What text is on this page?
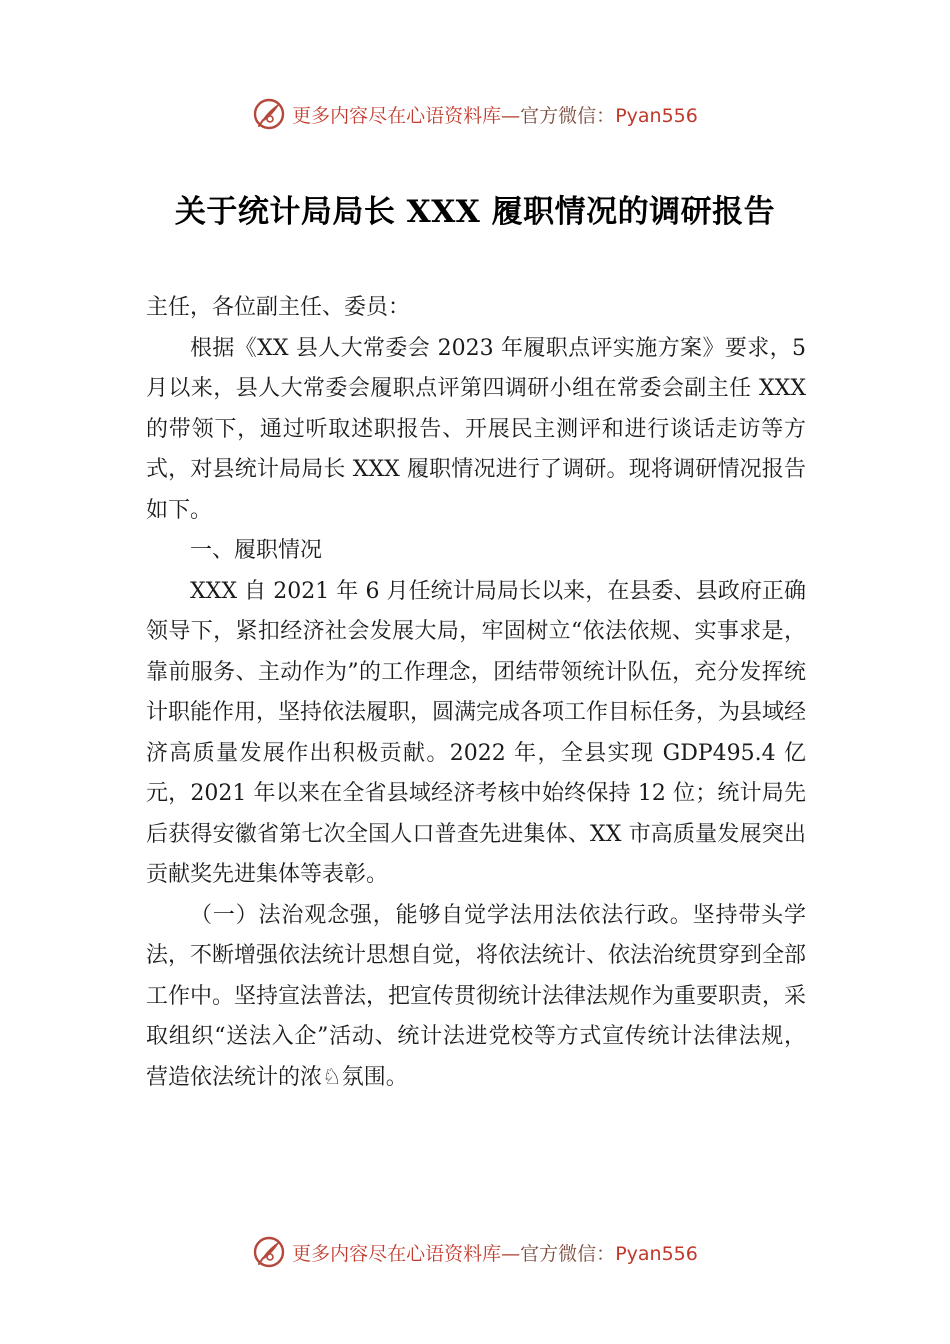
更多内容尽在心语资料库—官方微信：Pyan556
关于统计局局长 XXX 履职情况的调研报告

主任，各位副主任、委员：

根据《XX 县人大常委会 2023 年履职点评实施方案》要求，5 月以来，县人大常委会履职点评第四调研小组在常委会副主任 XXX 的带领下，通过听取述职报告、开展民主测评和进行谈话走访等方式，对县统计局局长 XXX 履职情况进行了调研。现将调研情况报告如下。

一、履职情况

XXX 自 2021 年 6 月任统计局局长以来，在县委、县政府正确领导下，紧扣经济社会发展大局，牢固树立“依法依规、实事求是，靠前服务、主动作为”的工作理念，团结带领统计队伍，充分发挥统计职能作用，坚持依法履职，圆满完成各项工作目标任务，为县域经济高质量发展作出积极贡献。2022 年，全县实现 GDP495.4 亿元，2021 年以来在全省县域经济考核中始终保持 12 位；统计局先后获得安徽省第七次全国人口普查先进集体、XX 市高质量发展突出贡献奖先进集体等表彰。

（一）法治观念强，能够自觉学法用法依法行政。坚持带头学法，不断增强依法统计思想自觉，将依法统计、依法治统贯穿到全部工作中。坚持宣法普法，把宣传贯彻统计法律法规作为重要职责，采取组织“送法入企”活动、统计法进党校等方式宣传统计法律法规，营造依法统计的浓♘氛围。

更多内容尽在心语资料库—官方微信：Pyan556
